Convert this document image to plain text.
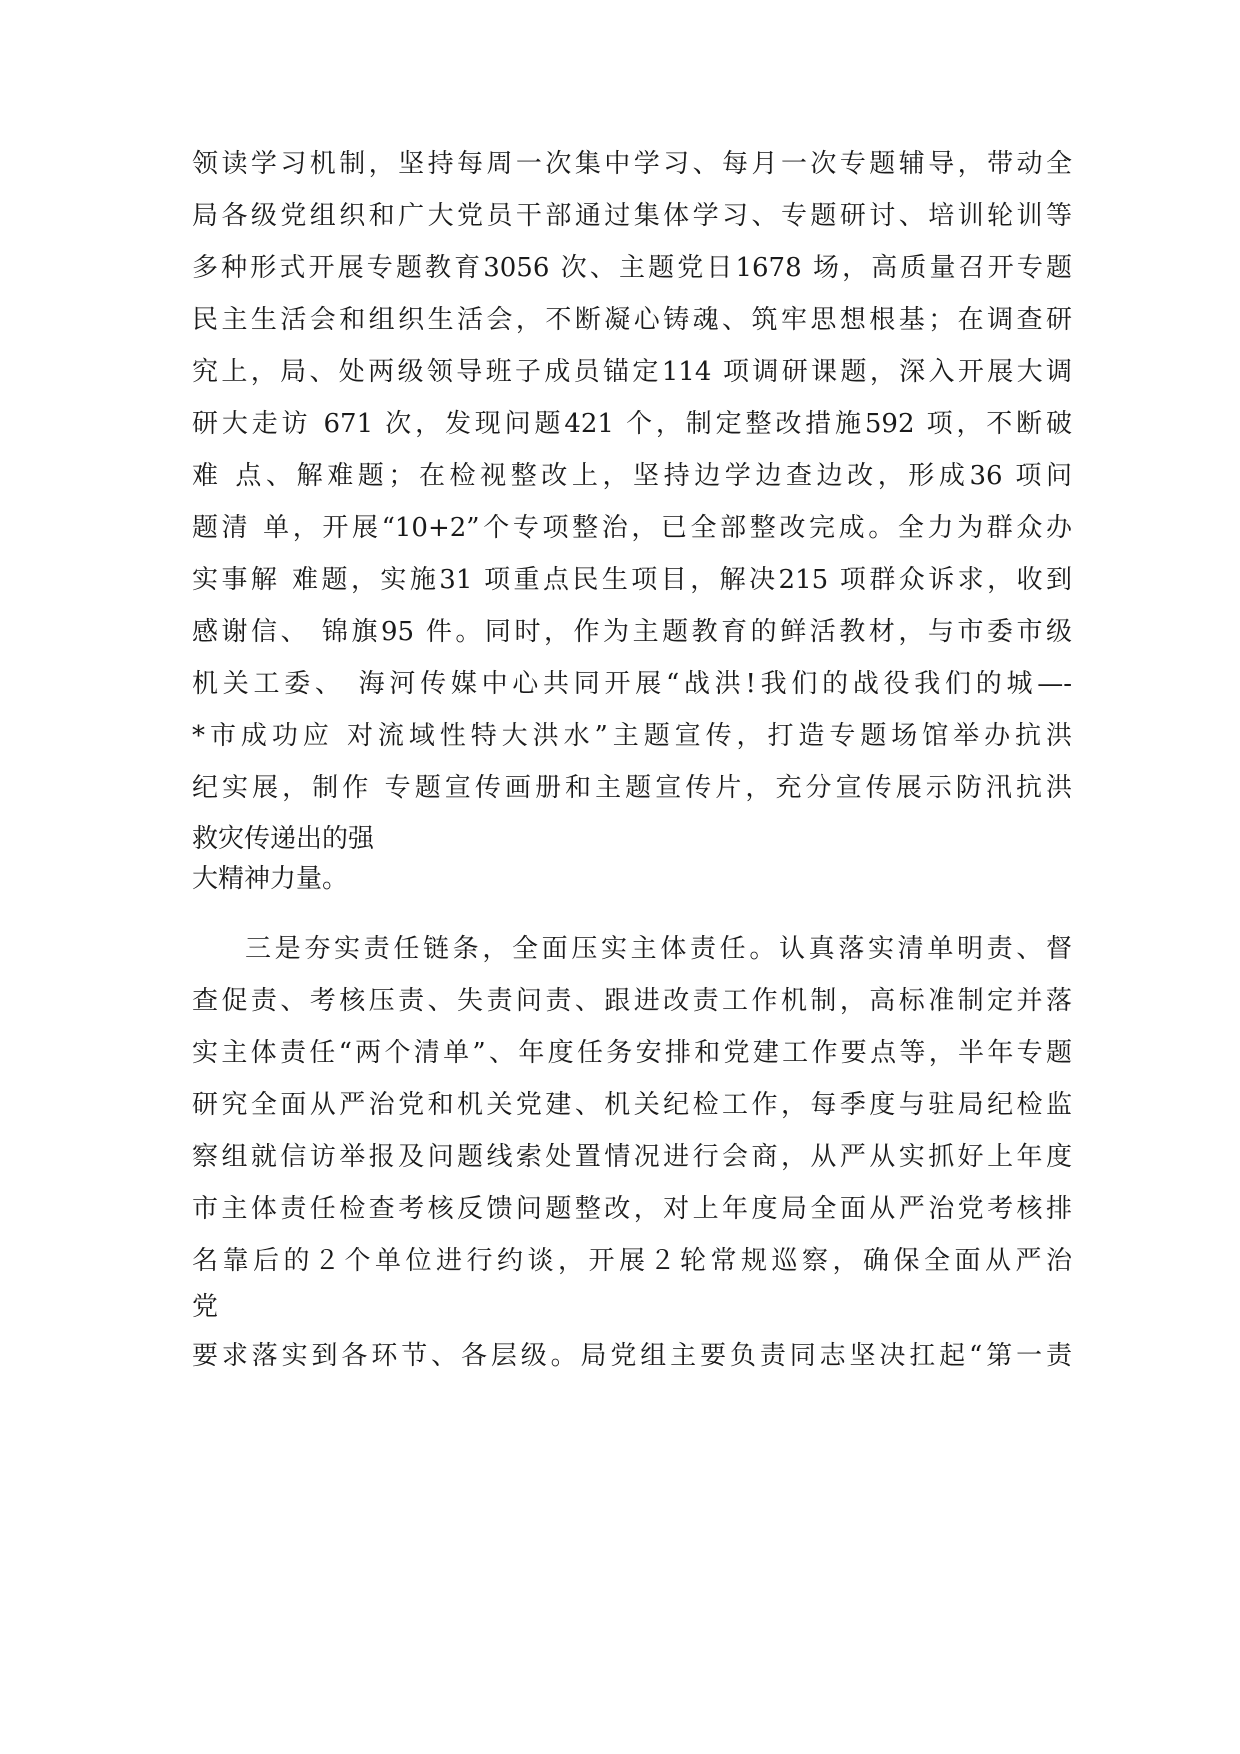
领读学习机制，坚持每周一次集中学习、每月一次专题辅导，带动全
局各级党组织和广大党员干部通过集体学习、专题研讨、培训轮训等
多种形式开展专题教育3056 次、主题党日1678 场，高质量召开专题
民主生活会和组织生活会，不断凝心铸魂、筑牢思想根基；在调查研
究上，局、处两级领导班子成员锚定114 项调研课题，深入开展大调
研大走访 671 次，发现问题421 个，制定整改措施592 项，不断破
难 点、解难题；在检视整改上，坚持边学边查边改，形成36 项问
题清 单，开展“10+2”个专项整治，已全部整改完成。全力为群众办
实事解 难题，实施31 项重点民生项目，解决215 项群众诉求，收到
感谢信、 锦旗95 件。同时，作为主题教育的鲜活教材，与市委市级
机关工委、 海河传媒中心共同开展“战洪!我们的战役我们的城—-
*市成功应 对流域性特大洪水”主题宣传，打造专题场馆举办抗洪
纪实展，制作 专题宣传画册和主题宣传片，充分宣传展示防汛抗洪
救灾传递出的强
大精神力量。
三是夯实责任链条，全面压实主体责任。认真落实清单明责、督
查促责、考核压责、失责问责、跟进改责工作机制，高标准制定并落
实主体责任“两个清单”、年度任务安排和党建工作要点等，半年专题
研究全面从严治党和机关党建、机关纪检工作，每季度与驻局纪检监
察组就信访举报及问题线索处置情况进行会商，从严从实抓好上年度
市主体责任检查考核反馈问题整改，对上年度局全面从严治党考核排
名靠后的２个单位进行约谈，开展２轮常规巡察，确保全面从严治
党
要求落实到各环节、各层级。局党组主要负责同志坚决扛起“第一责
